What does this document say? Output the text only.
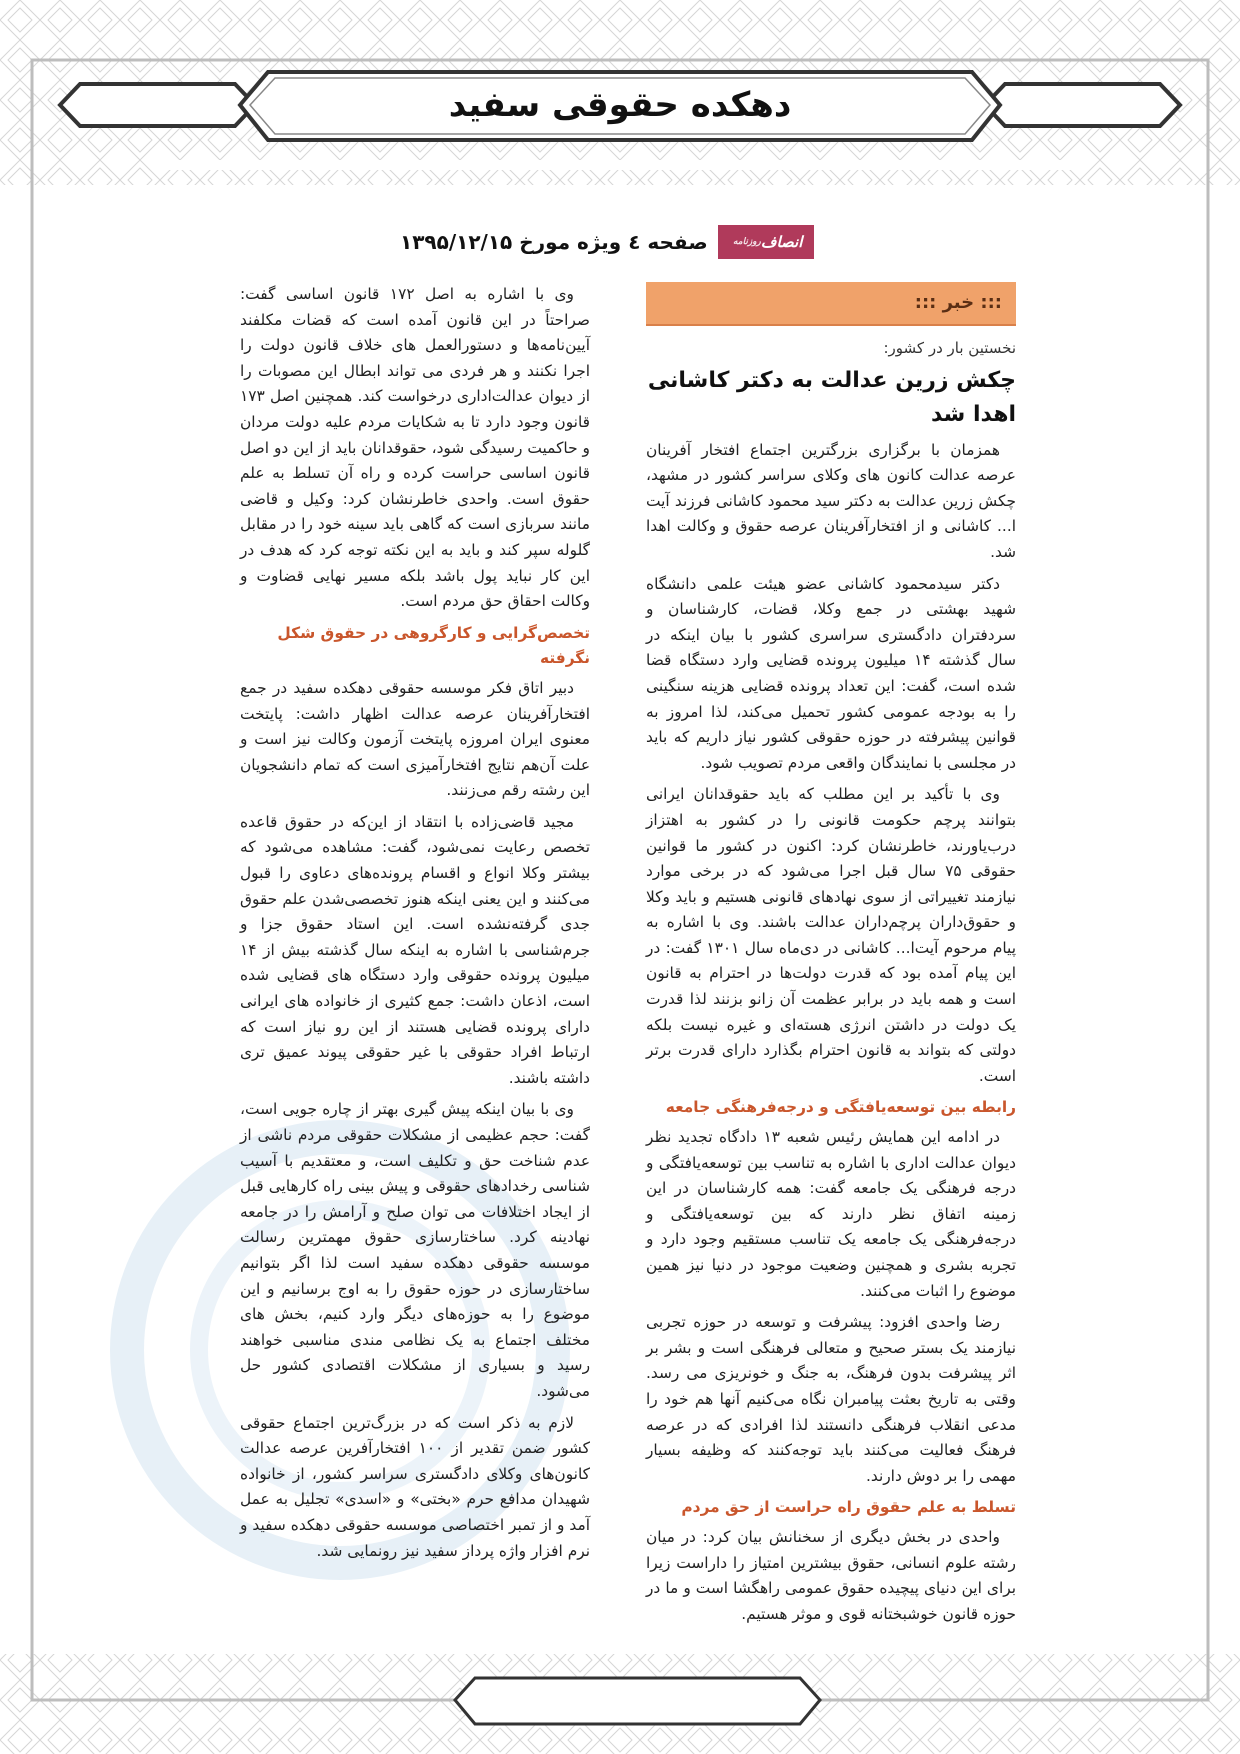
دهکده حقوقی سفید
انصاف
روزنامه
صفحه ٤ ویژه مورخ ۱۳۹۵/۱۲/۱۵
::: خبر :::
نخستین بار در کشور:
چکش زرین عدالت به دکتر کاشانی اهدا شد

همزمان با برگزاری بزرگترین اجتماع افتخار آفرینان عرصه عدالت کانون های وکلای سراسر کشور در مشهد، چکش زرین عدالت به دکتر سید محمود کاشانی فرزند آیت ا... کاشانی و از افتخارآفرینان عرصه حقوق و وکالت اهدا شد.

دکتر سیدمحمود کاشانی عضو هیئت علمی دانشگاه شهید بهشتی در جمع وکلا، قضات، کارشناسان و سردفتران دادگستری سراسری کشور با بیان اینکه در سال گذشته ۱۴ میلیون پرونده قضایی وارد دستگاه قضا شده است، گفت: این تعداد پرونده قضایی هزینه سنگینی را به بودجه عمومی کشور تحمیل می‌کند، لذا امروز به قوانین پیشرفته در حوزه حقوقی کشور نیاز داریم که باید در مجلسی با نمایندگان واقعی مردم تصویب شود.

وی با تأکید بر این مطلب که باید حقوقدانان ایرانی بتوانند پرچم حکومت قانونی را در کشور به اهتزاز درب‌یاورند، خاطرنشان کرد: اکنون در کشور ما قوانین حقوقی ۷۵ سال قبل اجرا می‌شود که در برخی موارد نیازمند تغییراتی از سوی نهادهای قانونی هستیم و باید وکلا و حقوق‌داران پرچم‌داران عدالت باشند. وی با اشاره به پیام مرحوم آیت‌ا... کاشانی در دی‌ماه سال ۱۳۰۱ گفت: در این پیام آمده بود که قدرت دولت‌ها در احترام به قانون است و همه باید در برابر عظمت آن زانو بزنند لذا قدرت یک دولت در داشتن انرژی هسته‌ای و غیره نیست بلکه دولتی که بتواند به قانون احترام بگذارد دارای قدرت برتر است.

رابطه بین توسعه‌یافتگی و درجه‌فرهنگی جامعه

در ادامه این همایش رئیس شعبه ۱۳ دادگاه تجدید نظر دیوان عدالت اداری با اشاره به تناسب بین توسعه‌یافتگی و درجه فرهنگی یک جامعه گفت: همه کارشناسان در این زمینه اتفاق نظر دارند که بین توسعه‌یافتگی و درجه‌فرهنگی یک جامعه یک تناسب مستقیم وجود دارد و تجربه بشری و همچنین وضعیت موجود در دنیا نیز همین موضوع را اثبات می‌کنند.

رضا واحدی افزود: پیشرفت و توسعه در حوزه تجربی نیازمند یک بستر صحیح و متعالی فرهنگی است و بشر بر اثر پیشرفت بدون فرهنگ، به جنگ و خونریزی می رسد. وقتی به تاریخ بعثت پیامبران نگاه می‌کنیم آنها هم خود را مدعی انقلاب فرهنگی دانستند لذا افرادی که در عرصه فرهنگ فعالیت می‌کنند باید توجه‌کنند که وظیفه بسیار مهمی را بر دوش دارند.

تسلط به علم حقوق راه حراست از حق مردم

واحدی در بخش دیگری از سخنانش بیان کرد: در میان رشته علوم انسانی، حقوق بیشترین امتیاز را داراست زیرا برای این دنیای پیچیده حقوق عمومی راهگشا است و ما در حوزه قانون خوشبختانه قوی و موثر هستیم.

وی با اشاره به اصل ۱۷۲ قانون اساسی گفت: صراحتاً در این قانون آمده است که قضات مکلفند آیین‌نامه‌ها و دستورالعمل های خلاف قانون دولت را اجرا نکنند و هر فردی می تواند ابطال این مصوبات را از دیوان عدالت‌اداری درخواست کند. همچنین اصل ۱۷۳ قانون وجود دارد تا به شکایات مردم علیه دولت مردان و حاکمیت رسیدگی شود، حقوقدانان باید از این دو اصل قانون اساسی حراست کرده و راه آن تسلط به علم حقوق است. واحدی خاطرنشان کرد: وکیل و قاضی مانند سربازی است که گاهی باید سینه خود را در مقابل گلوله سپر کند و باید به این نکته توجه کرد که هدف در این کار نباید پول باشد بلکه مسیر نهایی قضاوت و وکالت احقاق حق مردم است.

تخصص‌گرایی و کارگروهی در حقوق شکل نگرفته

دبیر اتاق فکر موسسه حقوقی دهکده سفید در جمع افتخارآفرینان عرصه عدالت اظهار داشت: پایتخت معنوی ایران امروزه پایتخت آزمون وکالت نیز است و علت آن‌هم نتایج افتخارآمیزی است که تمام دانشجویان این رشته رقم می‌زنند.

مجید قاضی‌زاده با انتقاد از این‌که در حقوق قاعده تخصص رعایت نمی‌شود، گفت: مشاهده می‌شود که بیشتر وکلا انواع و اقسام پرونده‌های دعاوی را قبول می‌کنند و این یعنی اینکه هنوز تخصصی‌شدن علم حقوق جدی گرفته‌نشده است. این استاد حقوق جزا و جرم‌شناسی با اشاره به اینکه سال گذشته بیش از ۱۴ میلیون پرونده حقوقی وارد دستگاه های قضایی شده است، اذعان داشت: جمع کثیری از خانواده های ایرانی دارای پرونده قضایی هستند از این رو نیاز است که ارتباط افراد حقوقی با غیر حقوقی پیوند عمیق تری داشته باشند.

وی با بیان اینکه پیش گیری بهتر از چاره جویی است، گفت: حجم عظیمی از مشکلات حقوقی مردم ناشی از عدم شناخت حق و تکلیف است، و معتقدیم با آسیب شناسی رخدادهای حقوقی و پیش بینی راه کارهایی قبل از ایجاد اختلافات می توان صلح و آرامش را در جامعه نهادینه کرد. ساختارسازی حقوق مهمترین رسالت موسسه حقوقی دهکده سفید است لذا اگر بتوانیم ساختارسازی در حوزه حقوق را به اوج برسانیم و این موضوع را به حوزه‌های دیگر وارد کنیم، بخش های مختلف اجتماع به یک نظامی مندی مناسبی خواهند رسید و بسیاری از مشکلات اقتصادی کشور حل می‌شود.

لازم به ذکر است که در بزرگ‌ترین اجتماع حقوقی کشور ضمن تقدیر از ۱۰۰ افتخارآفرین عرصه عدالت کانون‌های وکلای دادگستری سراسر کشور، از خانواده شهیدان مدافع حرم «بختی» و «اسدی» تجلیل به عمل آمد و از تمبر اختصاصی موسسه حقوقی دهکده سفید و نرم افزار واژه پرداز سفید نیز رونمایی شد.
